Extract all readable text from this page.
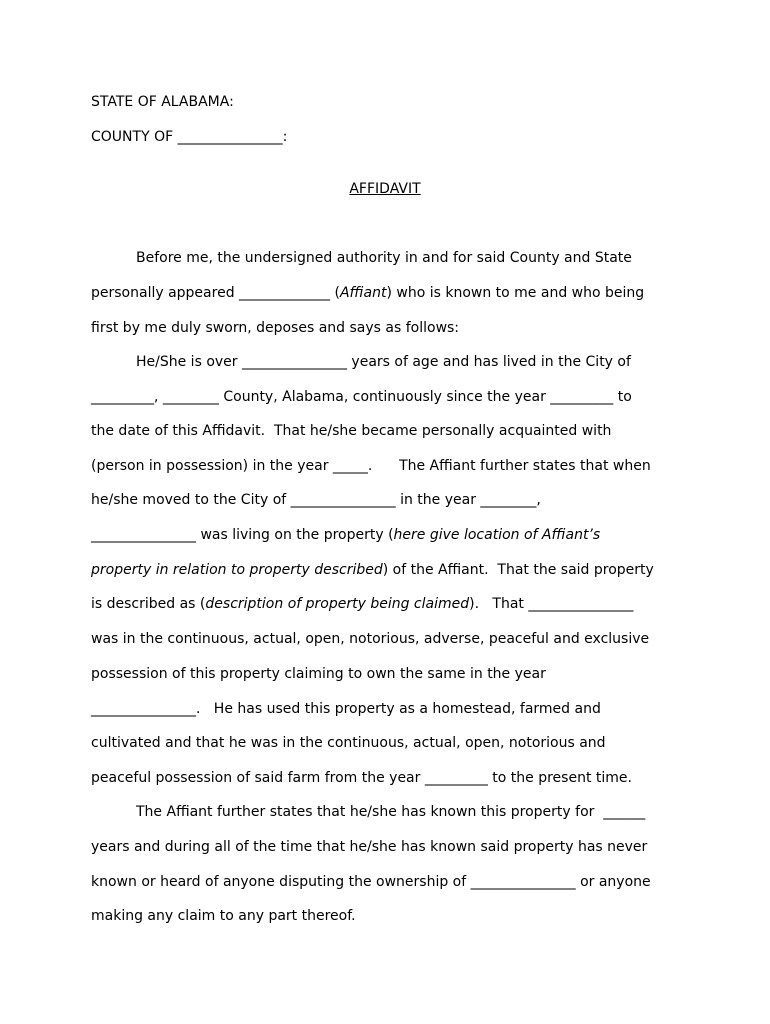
STATE OF ALABAMA:
COUNTY OF _______________:
AFFIDAVIT
Before me, the undersigned authority in and for said County and State
personally appeared _____________ (Affiant) who is known to me and who being
first by me duly sworn, deposes and says as follows:
He/She is over _______________ years of age and has lived in the City of
_________, ________ County, Alabama, continuously since the year _________ to
the date of this Affidavit.  That he/she became personally acquainted with
(person in possession) in the year _____.      The Affiant further states that when
he/she moved to the City of _______________ in the year ________,
_______________ was living on the property (here give location of Affiant’s
property in relation to property described) of the Affiant.  That the said property
is described as (description of property being claimed).   That _______________
was in the continuous, actual, open, notorious, adverse, peaceful and exclusive
possession of this property claiming to own the same in the year
_______________.   He has used this property as a homestead, farmed and
cultivated and that he was in the continuous, actual, open, notorious and
peaceful possession of said farm from the year _________ to the present time.
The Affiant further states that he/she has known this property for  ______
years and during all of the time that he/she has known said property has never
known or heard of anyone disputing the ownership of _______________ or anyone
making any claim to any part thereof.
